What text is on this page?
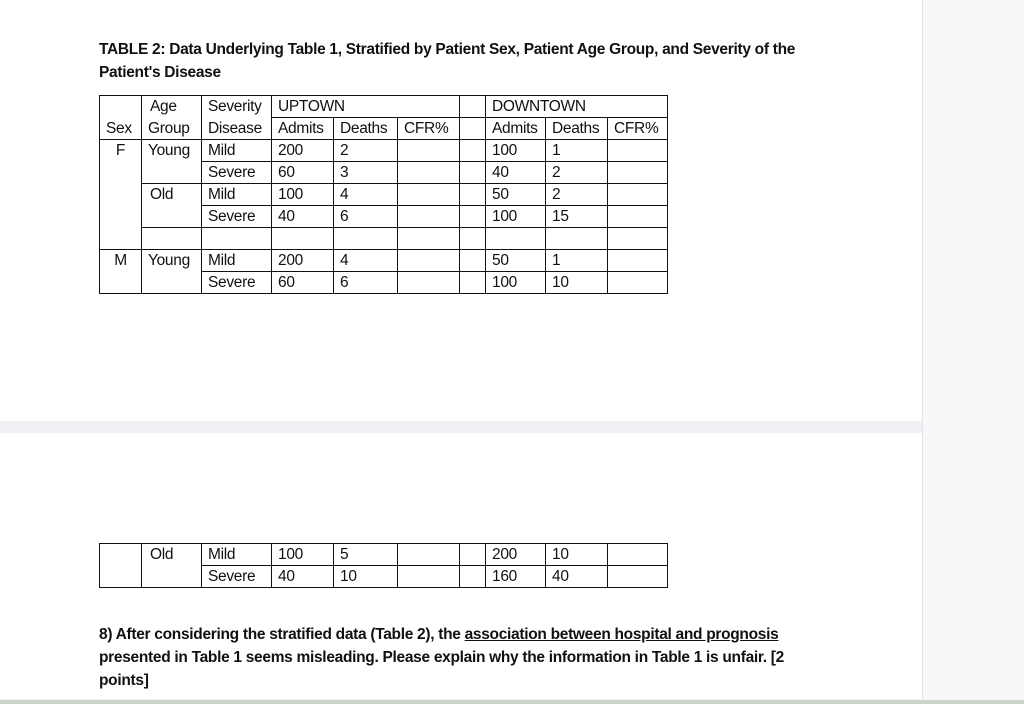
TABLE 2: Data Underlying Table 1, Stratified by Patient Sex, Patient Age Group, and Severity of the Patient's Disease
	Age	Severity	UPTOWN				DOWNTOWN		
Sex	Group	Disease	Admits	Deaths	CFR%		Admits	Deaths	CFR%
F	Young	Mild	200	2			100	1	
		Severe	60	3			40	2	
	Old	Mild	100	4			50	2	
		Severe	40	6			100	15	

M	Young	Mild	200	4			50	1	
		Severe	60	6			100	10	
	Old	Mild	100	5			200	10	
		Severe	40	10			160	40	
8) After considering the stratified data (Table 2), the association between hospital and prognosis presented in Table 1 seems misleading. Please explain why the information in Table 1 is unfair. [2 points]
